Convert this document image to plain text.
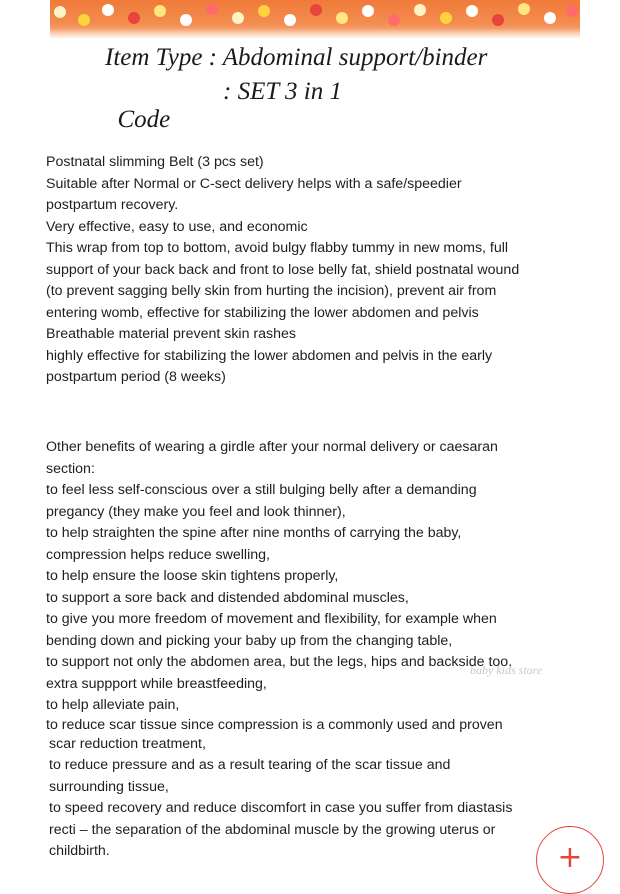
Item Type : Abdominal support/binder

Code

: SET 3 in 1

Postnatal slimming Belt (3 pcs set)
Suitable after Normal or C-sect delivery helps with a safe/speedier
postpartum recovery.
Very effective, easy to use, and economic
This wrap from top to bottom, avoid bulgy flabby tummy in new moms, full
support of your back back and front to lose belly fat, shield postnatal wound
(to prevent sagging belly skin from hurting the incision), prevent air from
entering womb, effective for stabilizing the lower abdomen and pelvis
Breathable material prevent skin rashes
highly effective for stabilizing the lower abdomen and pelvis in the early
postpartum period (8 weeks)
Other benefits of wearing a girdle after your normal delivery or caesaran
section:
to feel less self-conscious over a still bulging belly after a demanding
pregancy (they make you feel and look thinner),
to help straighten the spine after nine months of carrying the baby,
compression helps reduce swelling,
to help ensure the loose skin tightens properly,
to support a sore back and distended abdominal muscles,
to give you more freedom of movement and flexibility, for example when
bending down and picking your baby up from the changing table,
to support not only the abdomen area, but the legs, hips and backside too,
extra suppport while breastfeeding,
to help alleviate pain,
to reduce scar tissue since compression is a commonly used and proven
scar reduction treatment,
to reduce pressure and as a result tearing of the scar tissue and
surrounding tissue,
to speed recovery and reduce discomfort in case you suffer from diastasis
recti – the separation of the abdominal muscle by the growing uterus or
childbirth.
baby kids store
+
